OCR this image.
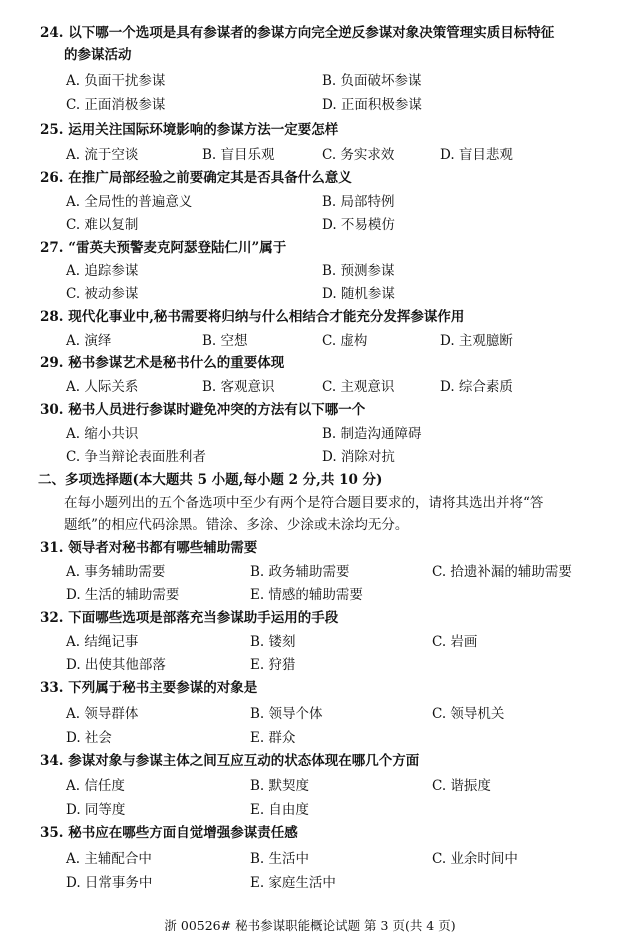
24. 以下哪一个选项是具有参谋者的参谋方向完全逆反参谋对象决策管理实质目标特征
的参谋活动
A. 负面干扰参谋	B. 负面破坏参谋
C. 正面消极参谋	D. 正面积极参谋
25. 运用关注国际环境影响的参谋方法一定要怎样
A. 流于空谈	B. 盲目乐观	C. 务实求效	D. 盲目悲观
26. 在推广局部经验之前要确定其是否具备什么意义
A. 全局性的普遍意义	B. 局部特例
C. 难以复制	D. 不易模仿
27. “雷英夫预警麦克阿瑟登陆仁川”属于
A. 追踪参谋	B. 预测参谋
C. 被动参谋	D. 随机参谋
28. 现代化事业中,秘书需要将归纳与什么相结合才能充分发挥参谋作用
A. 演绎	B. 空想	C. 虚构	D. 主观臆断
29. 秘书参谋艺术是秘书什么的重要体现
A. 人际关系	B. 客观意识	C. 主观意识	D. 综合素质
30. 秘书人员进行参谋时避免冲突的方法有以下哪一个
A. 缩小共识	B. 制造沟通障碍
C. 争当辩论表面胜利者	D. 消除对抗
二、多项选择题(本大题共 5 小题,每小题 2 分,共 10 分)
在每小题列出的五个备选项中至少有两个是符合题目要求的，请将其选出并将“答
题纸”的相应代码涂黑。错涂、多涂、少涂或未涂均无分。
31. 领导者对秘书都有哪些辅助需要
A. 事务辅助需要	B. 政务辅助需要	C. 拾遗补漏的辅助需要
D. 生活的辅助需要	E. 情感的辅助需要
32. 下面哪些选项是部落充当参谋助手运用的手段
A. 结绳记事	B. 镂刻	C. 岩画
D. 出使其他部落	E. 狩猎
33. 下列属于秘书主要参谋的对象是
A. 领导群体	B. 领导个体	C. 领导机关
D. 社会	E. 群众
34. 参谋对象与参谋主体之间互应互动的状态体现在哪几个方面
A. 信任度	B. 默契度	C. 谐振度
D. 同等度	E. 自由度
35. 秘书应在哪些方面自觉增强参谋责任感
A. 主辅配合中	B. 生活中	C. 业余时间中
D. 日常事务中	E. 家庭生活中
浙 00526# 秘书参谋职能概论试题 第 3 页(共 4 页)
